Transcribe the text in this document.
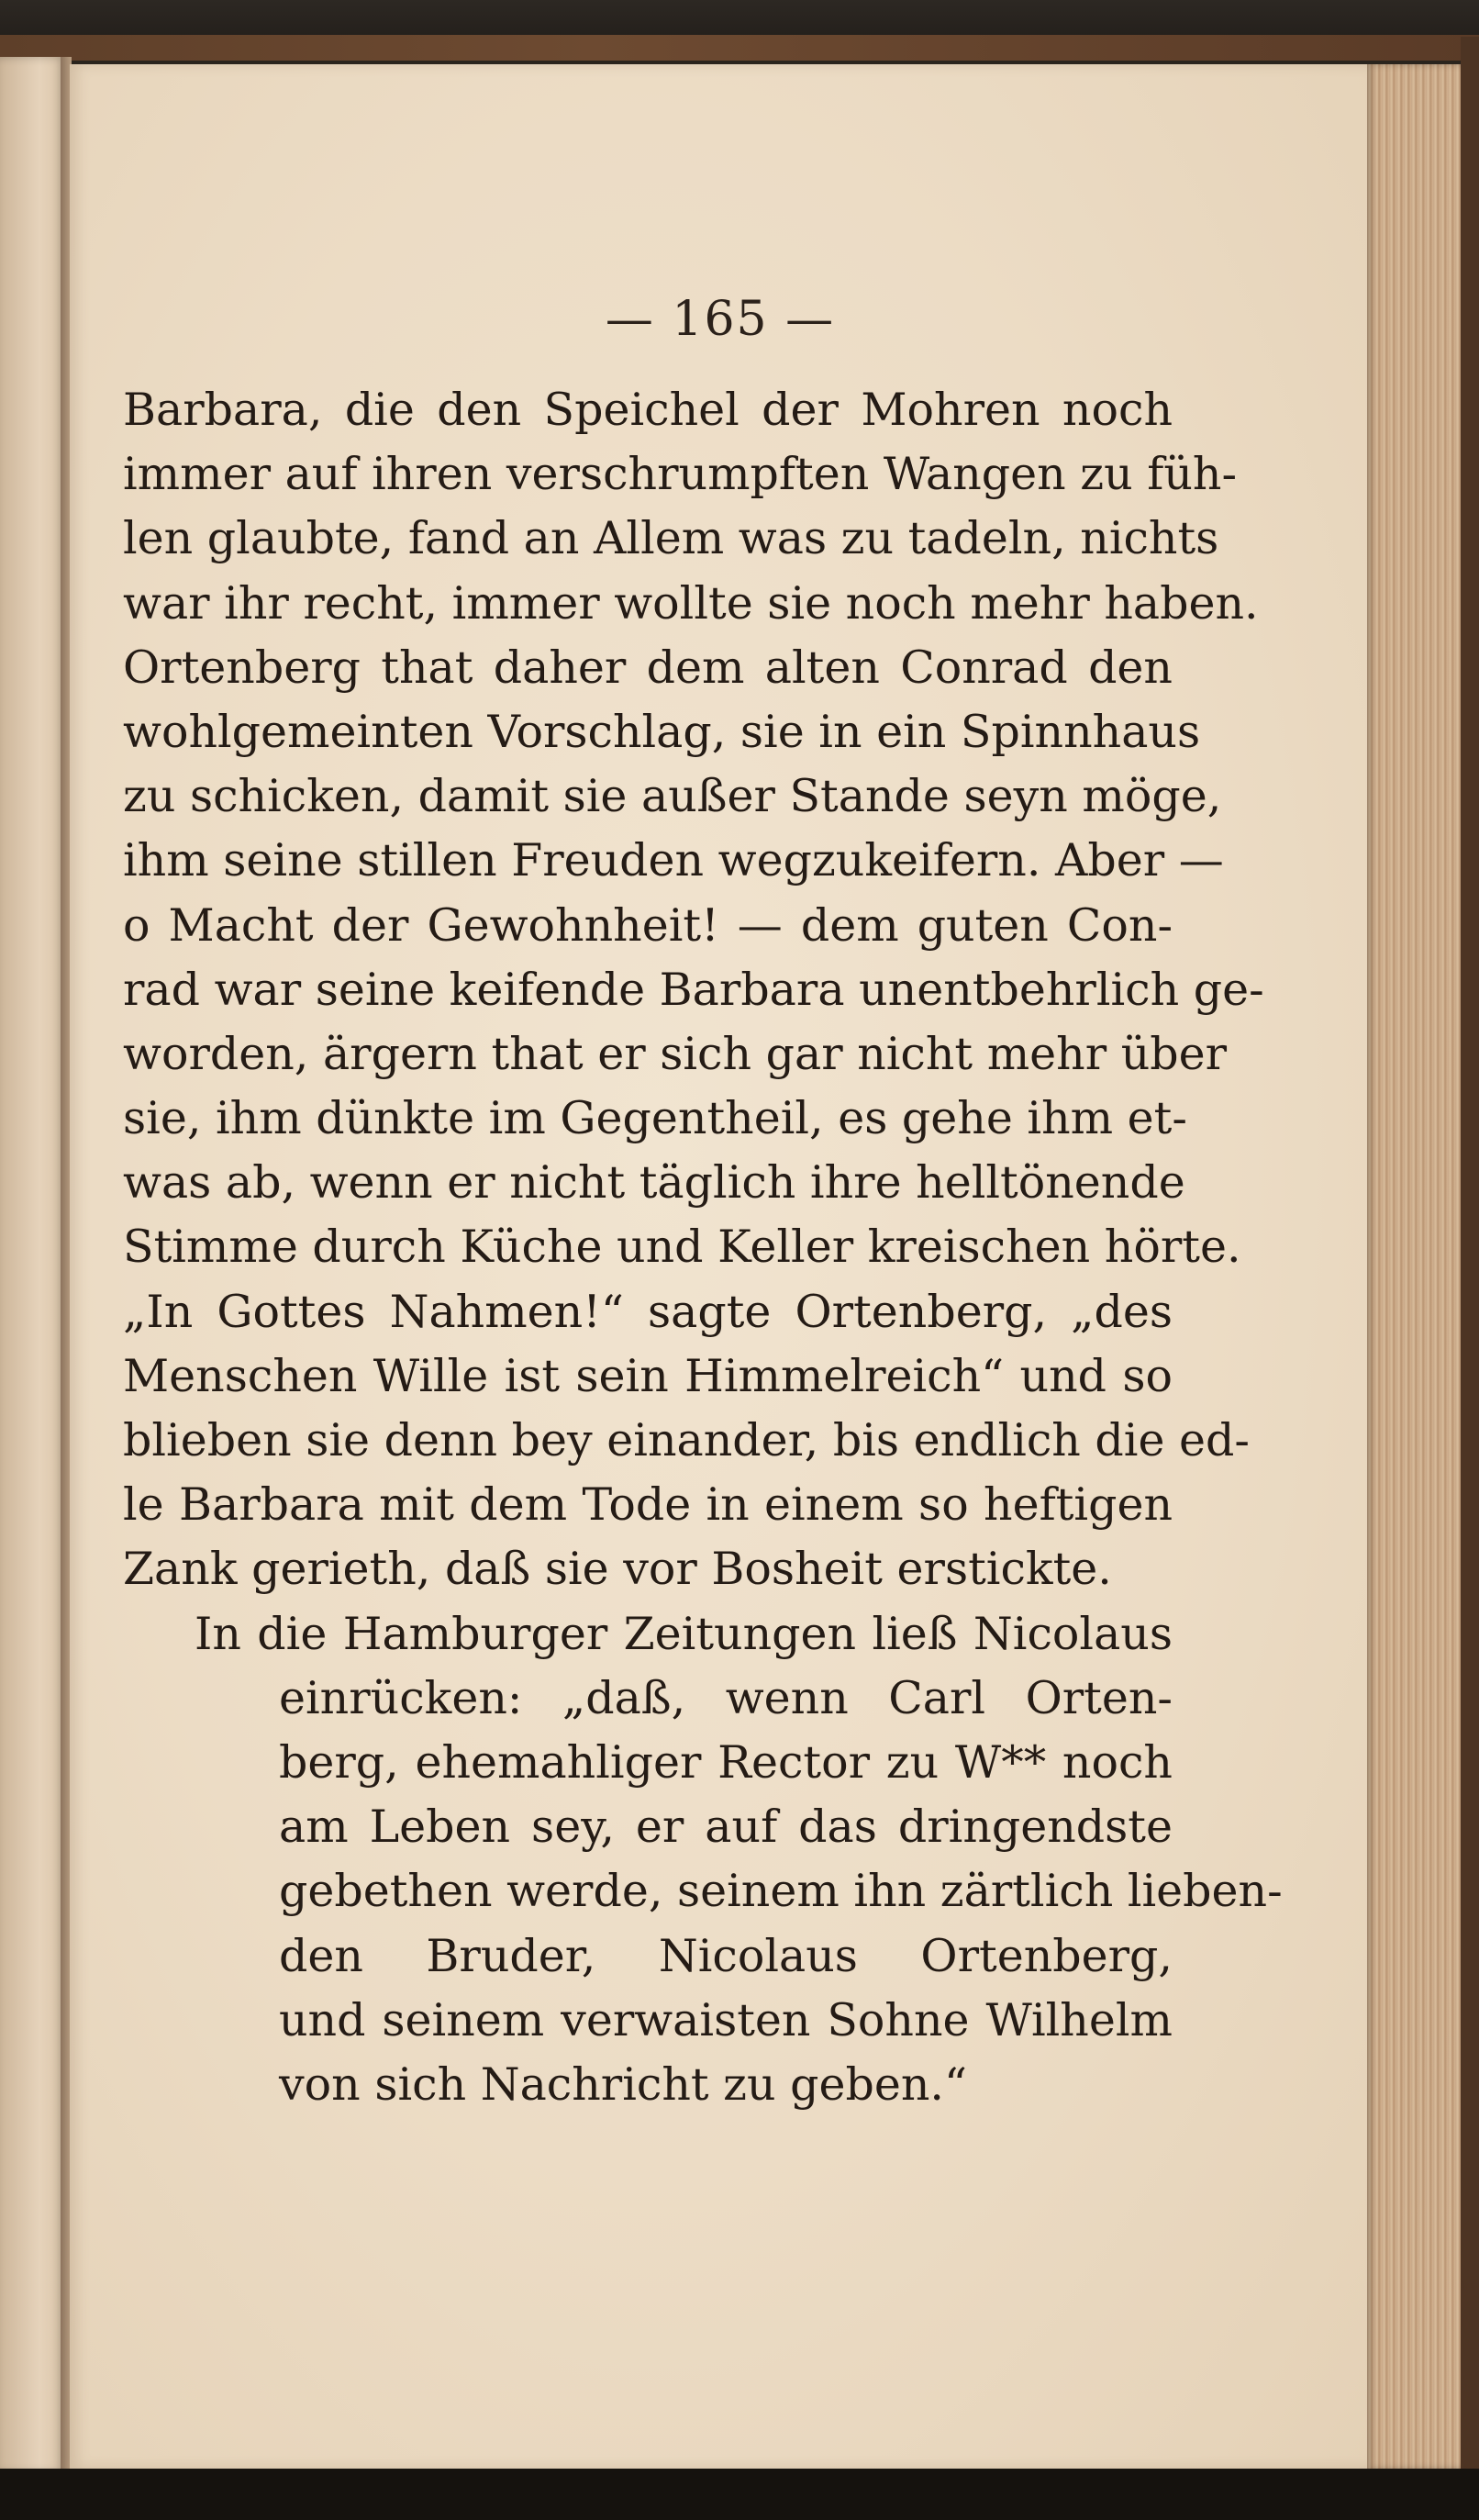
— 165 —
Barbara, die den Speichel der Mohren noch
immer auf ihren verschrumpften Wangen zu füh-
len glaubte, fand an Allem was zu tadeln, nichts
war ihr recht, immer wollte sie noch mehr haben.
Ortenberg that daher dem alten Conrad den
wohlgemeinten Vorschlag, sie in ein Spinnhaus
zu schicken, damit sie außer Stande seyn möge,
ihm seine stillen Freuden wegzukeifern. Aber —
o Macht der Gewohnheit! — dem guten Con-
rad war seine keifende Barbara unentbehrlich ge-
worden, ärgern that er sich gar nicht mehr über
sie, ihm dünkte im Gegentheil, es gehe ihm et-
was ab, wenn er nicht täglich ihre helltönende
Stimme durch Küche und Keller kreischen hörte.
„In Gottes Nahmen!“ sagte Ortenberg, „des
Menschen Wille ist sein Himmelreich“ und so
blieben sie denn bey einander, bis endlich die ed-
le Barbara mit dem Tode in einem so heftigen
Zank gerieth, daß sie vor Bosheit erstickte.
In die Hamburger Zeitungen ließ Nicolaus
einrücken: „daß, wenn Carl Orten-
berg, ehemahliger Rector zu W** noch
am Leben sey, er auf das dringendste
gebethen werde, seinem ihn zärtlich lieben-
den Bruder, Nicolaus Ortenberg,
und seinem verwaisten Sohne Wilhelm
von sich Nachricht zu geben.“
